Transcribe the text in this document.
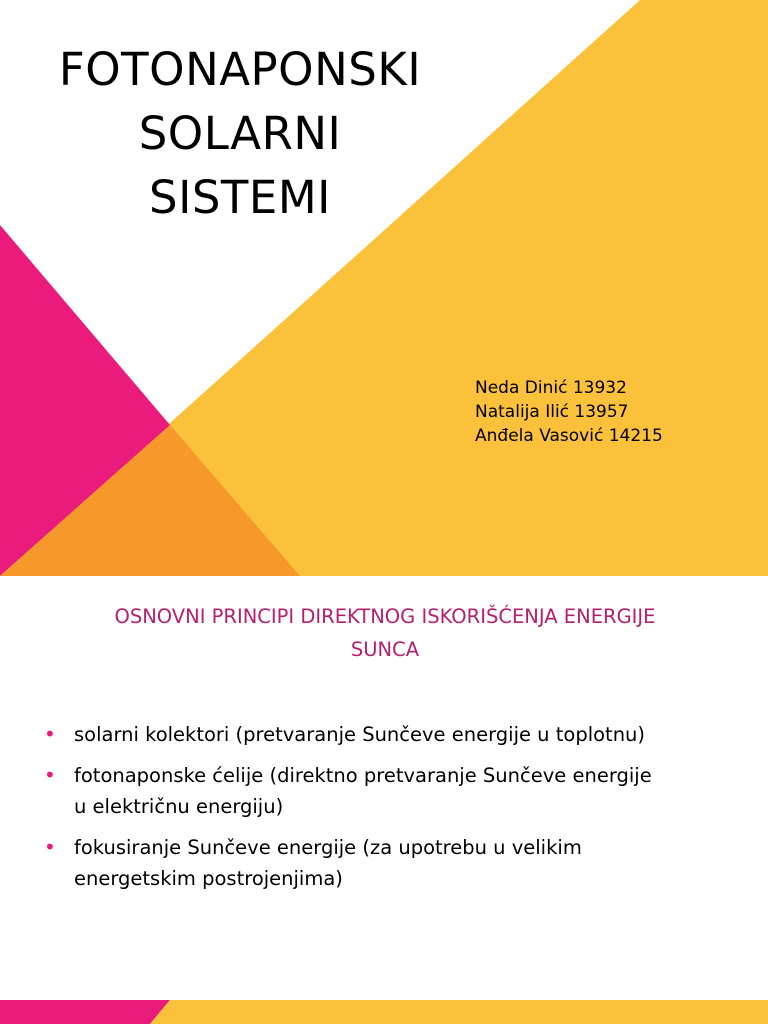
FOTONAPONSKI
SOLARNI
SISTEMI
Neda Dinić 13932
Natalija Ilić 13957
Anđela Vasović 14215
OSNOVNI PRINCIPI DIREKTNOG ISKORIŠĆENJA ENERGIJE
SUNCA
• solarni kolektori (pretvaranje Sunčeve energije u toplotnu)
• fotonaponske ćelije (direktno pretvaranje Sunčeve energije
u električnu energiju)
• fokusiranje Sunčeve energije (za upotrebu u velikim
energetskim postrojenjima)
